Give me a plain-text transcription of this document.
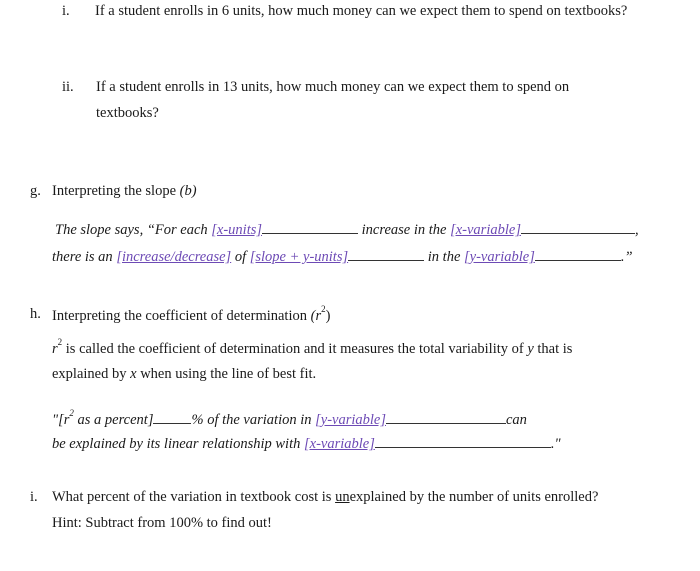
i. If a student enrolls in 6 units, how much money can we expect them to spend on textbooks?
ii. If a student enrolls in 13 units, how much money can we expect them to spend on
textbooks?
g. Interpreting the slope (b)
The slope says, “For each [x-units]	increase in the [x-variable]	,
there is an [increase/decrease] of [slope + y-units]	in the [y-variable]	.”
h. Interpreting the coefficient of determination $(r^2)$
$r^2$ is called the coefficient of determination and it measures the total variability of y that is
explained by x when using the line of best fit.
"[$r^2$ as a percent]	% of the variation in [y-variable]	can
be explained by its linear relationship with [x-variable]	."
i. What percent of the variation in textbook cost is unexplained by the number of units enrolled?
Hint: Subtract from 100% to find out!
